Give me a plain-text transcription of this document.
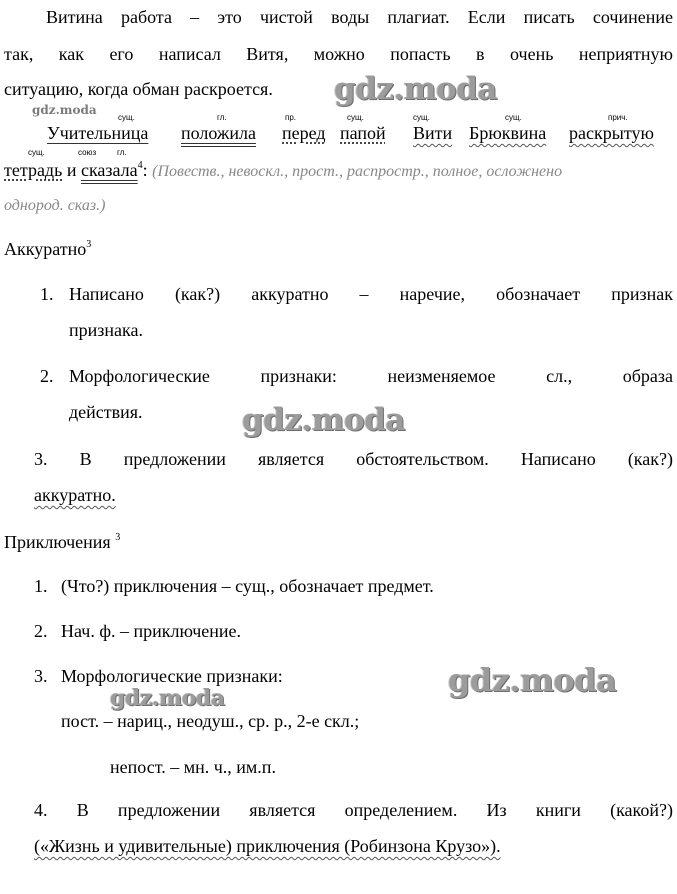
Витина работа – это чистой воды плагиат. Если писать сочинение
так, как его написал Витя, можно попасть в очень неприятную
ситуацию, когда обман раскроется. gdz.moda
gdz.moda
сущ.	гл.	пр.	сущ.	сущ.	сущ.	прич.
Учительница положила перед папой Вити Брюквина раскрытую
сущ.	союз	гл.
тетрадь и сказала$^4$: (Повеств., невоскл., прост., распростр., полное, осложнено
однород. сказ.)
Аккуратно$^3$
1. Написано (как?) аккуратно – наречие, обозначает признак
признака.
2. Морфологические признаки: неизменяемое сл., образа
действия.	gdz.moda
3. В предложении является обстоятельством. Написано (как?)
аккуратно.
Приключения $^3$
1. (Что?) приключения – сущ., обозначает предмет.
2. Нач. ф. – приключение.
3. Морфологические признаки:	gdz.moda
gdz.moda
пост. – нариц., неодуш., ср. р., 2-е скл.;
непост. – мн. ч., им.п.
4. В предложении является определением. Из книги (какой?)
(«Жизнь и удивительные) приключения (Робинзона Крузо»).
